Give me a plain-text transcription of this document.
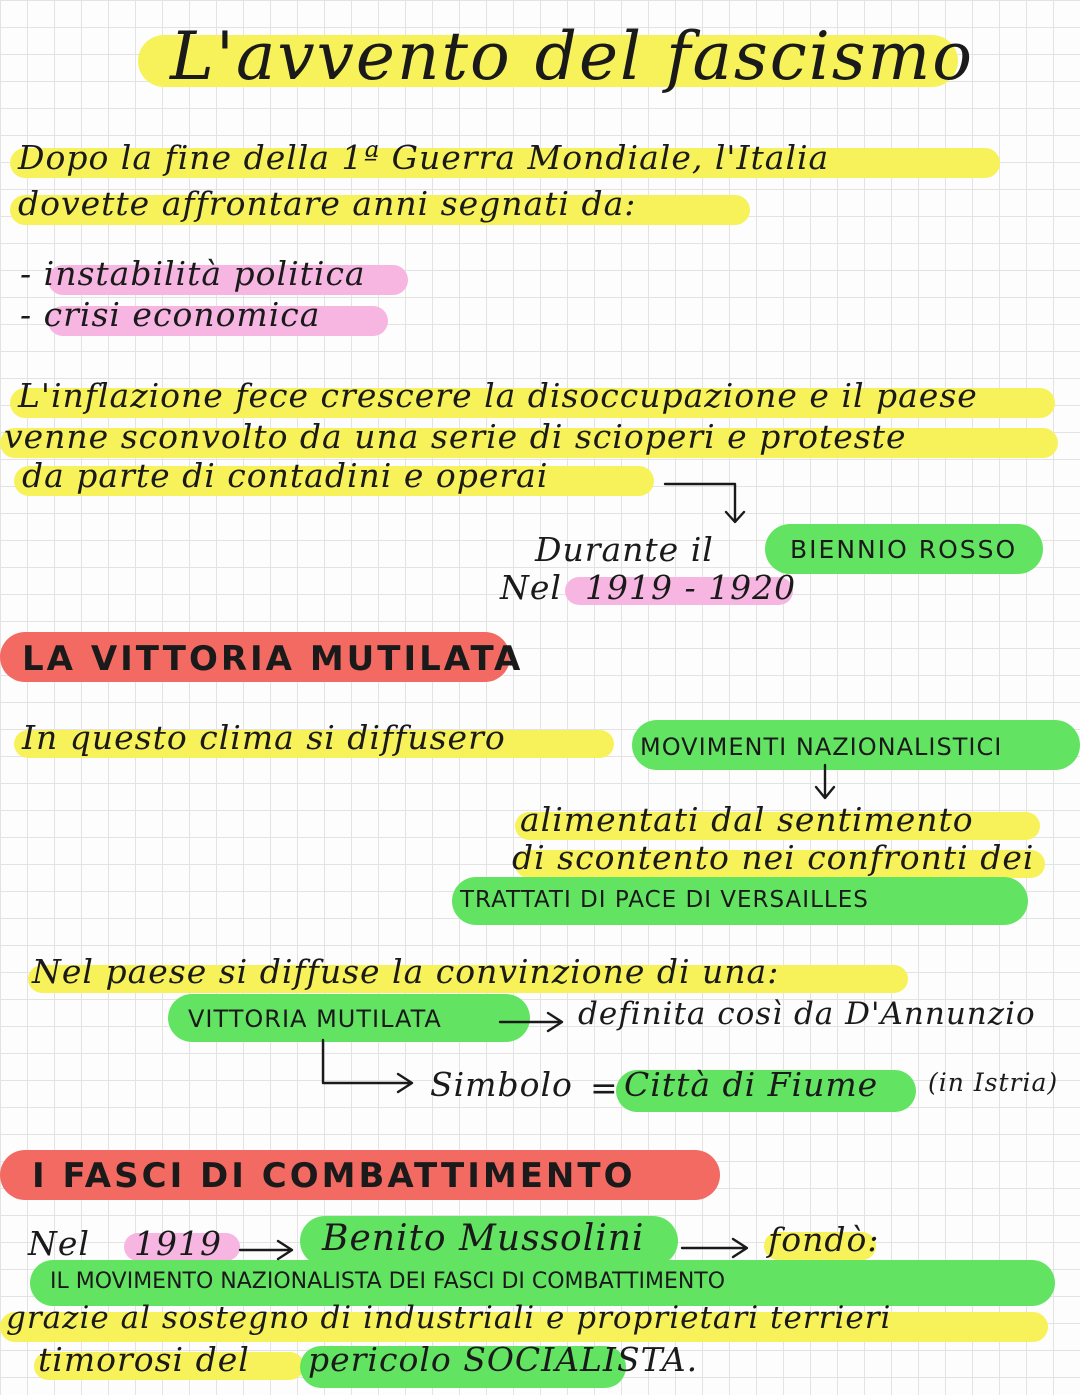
L'avvento del fascismo
Dopo la fine della 1ª Guerra Mondiale, l'Italia
dovette affrontare anni segnati da:
- instabilità politica
- crisi economica
L'inflazione fece crescere la disoccupazione e il paese
venne sconvolto da una serie di scioperi e proteste
da parte di contadini e operai
Durante il	BIENNIO ROSSO
Nel 1919 - 1920
LA VITTORIA MUTILATA
In questo clima si diffusero	MOVIMENTI NAZIONALISTICI
alimentati dal sentimento
di scontento nei confronti dei
TRATTATI DI PACE DI VERSAILLES
Nel paese si diffuse la convinzione di una:
VITTORIA MUTILATA	definita così da D'Annunzio
Simbolo = Città di Fiume (in Istria)
I FASCI DI COMBATTIMENTO
Nel 1919	Benito Mussolini	fondò:
IL MOVIMENTO NAZIONALISTA DEI FASCI DI COMBATTIMENTO
grazie al sostegno di industriali e proprietari terrieri
timorosi del pericolo SOCIALISTA.
